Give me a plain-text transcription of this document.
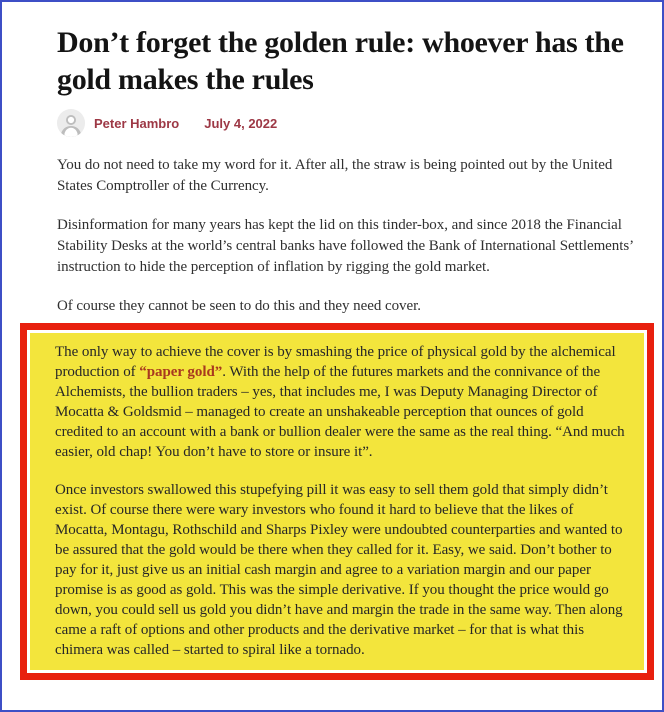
Don’t forget the golden rule: whoever has the gold makes the rules
Peter Hambro July 4, 2022

You do not need to take my word for it. After all, the straw is being pointed out by the United States Comptroller of the Currency.

Disinformation for many years has kept the lid on this tinder-box, and since 2018 the Financial Stability Desks at the world’s central banks have followed the Bank of International Settlements’ instruction to hide the perception of inflation by rigging the gold market.

Of course they cannot be seen to do this and they need cover.

The only way to achieve the cover is by smashing the price of physical gold by the alchemical production of “paper gold”. With the help of the futures markets and the connivance of the Alchemists, the bullion traders – yes, that includes me, I was Deputy Managing Director of Mocatta & Goldsmid – managed to create an unshakeable perception that ounces of gold credited to an account with a bank or bullion dealer were the same as the real thing. “And much easier, old chap! You don’t have to store or insure it”.

Once investors swallowed this stupefying pill it was easy to sell them gold that simply didn’t exist. Of course there were wary investors who found it hard to believe that the likes of Mocatta, Montagu, Rothschild and Sharps Pixley were undoubted counterparties and wanted to be assured that the gold would be there when they called for it. Easy, we said. Don’t bother to pay for it, just give us an initial cash margin and agree to a variation margin and our paper promise is as good as gold. This was the simple derivative. If you thought the price would go down, you could sell us gold you didn’t have and margin the trade in the same way. Then along came a raft of options and other products and the derivative market – for that is what this chimera was called – started to spiral like a tornado.
